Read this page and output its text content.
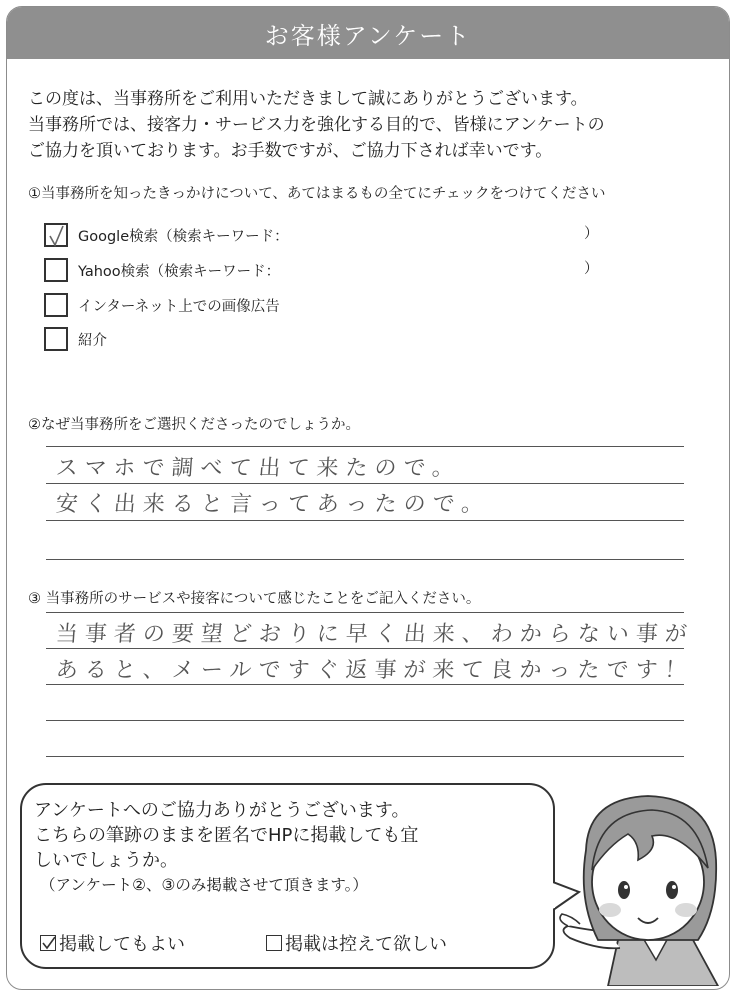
お客様アンケート

この度は、当事務所をご利用いただきまして誠にありがとうございます。

当事務所では、接客力・サービス力を強化する目的で、皆様にアンケートの

ご協力を頂いております。お手数ですが、ご協力下されば幸いです。

①当事務所を知ったきっかけについて、あてはまるもの全てにチェックをつけてください
Google検索（検索キーワード：	）
Yahoo検索（検索キーワード：	）
インターネット上での画像広告
紹介
②なぜ当事務所をご選択くださったのでしょうか。
スマホで調べて出て来たので。
安く出来ると言ってあったので。
③ 当事務所のサービスや接客について感じたことをご記入ください。
当事者の要望どおりに早く出来、わからない事が
あると、メールですぐ返事が来て良かったです！

アンケートへのご協力ありがとうございます。

こちらの筆跡のままを匿名でHPに掲載しても宜

しいでしょうか。

（アンケート②、③のみ掲載させて頂きます。）

掲載してもよい	掲載は控えて欲しい
